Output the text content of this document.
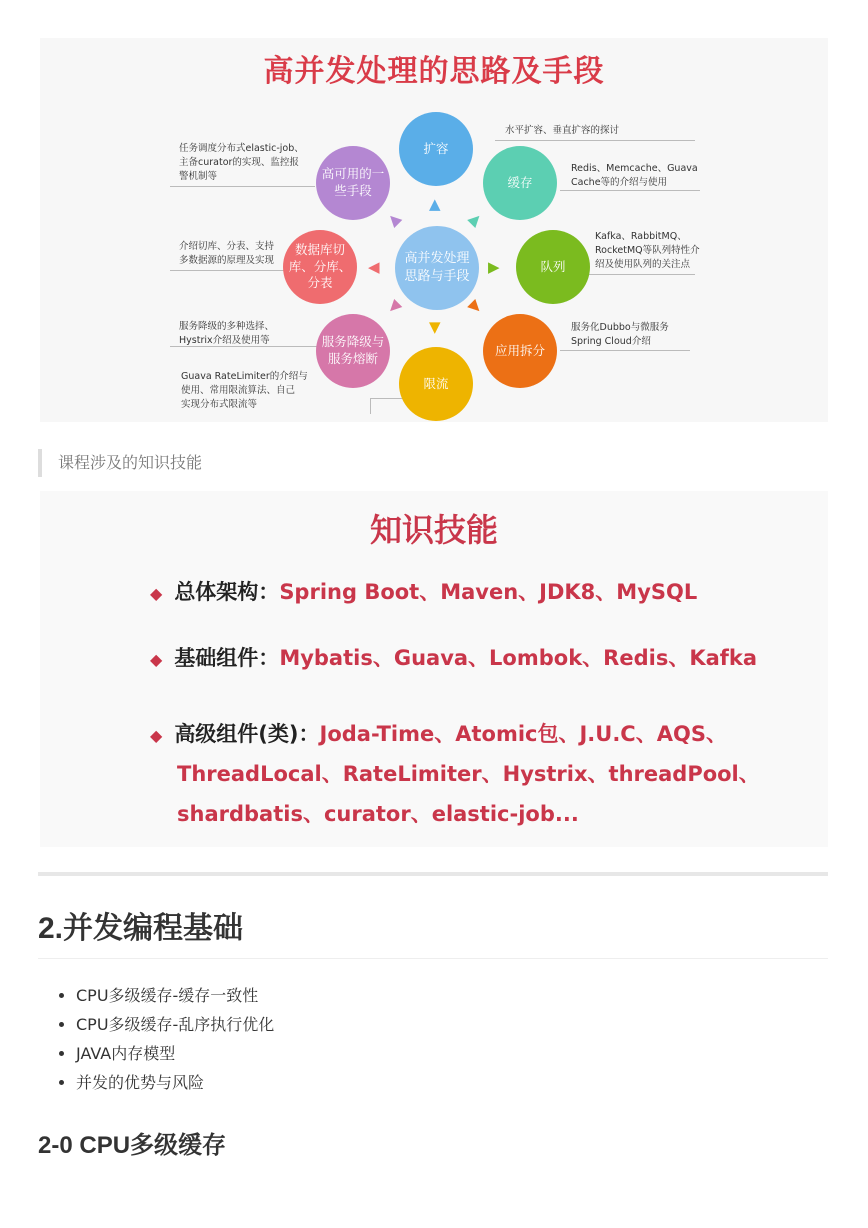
高并发处理的思路及手段
扩容
缓存
队列
应用拆分
限流
服务降级与
服务熔断
数据库切
库、分库、
分表
高可用的一
些手段
高并发处理
思路与手段
▲
▲
▶
▲
▼
▲
◀
▲
水平扩容、垂直扩容的探讨
Redis、Memcache、Guava
Cache等的介绍与使用
Kafka、RabbitMQ、
RocketMQ等队列特性介
绍及使用队列的关注点
服务化Dubbo与微服务
Spring Cloud介绍
Guava RateLimiter的介绍与
使用、常用限流算法、自己
实现分布式限流等
服务降级的多种选择、
Hystrix介绍及使用等
介绍切库、分表、支持
多数据源的原理及实现
任务调度分布式elastic-job、
主备curator的实现、监控报
警机制等
课程涉及的知识技能
知识技能
◆ 总体架构：Spring Boot、Maven、JDK8、MySQL
◆ 基础组件：Mybatis、Guava、Lombok、Redis、Kafka
◆ 高级组件(类)：Joda-Time、Atomic包、J.U.C、AQS、
ThreadLocal、RateLimiter、Hystrix、threadPool、
shardbatis、curator、elastic-job...
2.并发编程基础
• CPU多级缓存-缓存一致性
• CPU多级缓存-乱序执行优化
• JAVA内存模型
• 并发的优势与风险
2-0 CPU多级缓存
